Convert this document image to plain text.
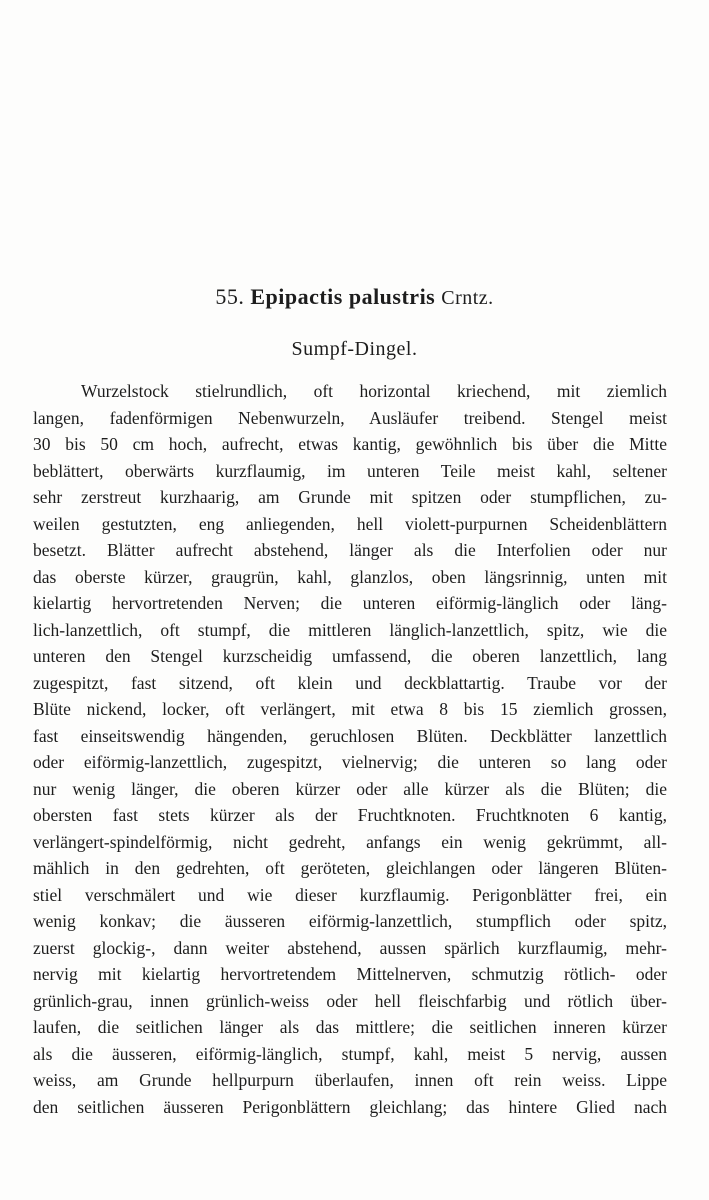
55. Epipactis palustris Crntz.
Sumpf-Dingel.
Wurzelstock stielrundlich, oft horizontal kriechend, mit ziemlich
langen, fadenförmigen Nebenwurzeln, Ausläufer treibend. Stengel meist
30 bis 50 cm hoch, aufrecht, etwas kantig, gewöhnlich bis über die Mitte
beblättert, oberwärts kurzflaumig, im unteren Teile meist kahl, seltener
sehr zerstreut kurzhaarig, am Grunde mit spitzen oder stumpflichen, zu-
weilen gestutzten, eng anliegenden, hell violett-purpurnen Scheidenblättern
besetzt. Blätter aufrecht abstehend, länger als die Interfolien oder nur
das oberste kürzer, graugrün, kahl, glanzlos, oben längsrinnig, unten mit
kielartig hervortretenden Nerven; die unteren eiförmig-länglich oder läng-
lich-lanzettlich, oft stumpf, die mittleren länglich-lanzettlich, spitz, wie die
unteren den Stengel kurzscheidig umfassend, die oberen lanzettlich, lang
zugespitzt, fast sitzend, oft klein und deckblattartig. Traube vor der
Blüte nickend, locker, oft verlängert, mit etwa 8 bis 15 ziemlich grossen,
fast einseitswendig hängenden, geruchlosen Blüten. Deckblätter lanzettlich
oder eiförmig-lanzettlich, zugespitzt, vielnervig; die unteren so lang oder
nur wenig länger, die oberen kürzer oder alle kürzer als die Blüten; die
obersten fast stets kürzer als der Fruchtknoten. Fruchtknoten 6 kantig,
verlängert-spindelförmig, nicht gedreht, anfangs ein wenig gekrümmt, all-
mählich in den gedrehten, oft geröteten, gleichlangen oder längeren Blüten-
stiel verschmälert und wie dieser kurzflaumig. Perigonblätter frei, ein
wenig konkav; die äusseren eiförmig-lanzettlich, stumpflich oder spitz,
zuerst glockig-, dann weiter abstehend, aussen spärlich kurzflaumig, mehr-
nervig mit kielartig hervortretendem Mittelnerven, schmutzig rötlich- oder
grünlich-grau, innen grünlich-weiss oder hell fleischfarbig und rötlich über-
laufen, die seitlichen länger als das mittlere; die seitlichen inneren kürzer
als die äusseren, eiförmig-länglich, stumpf, kahl, meist 5 nervig, aussen
weiss, am Grunde hellpurpurn überlaufen, innen oft rein weiss. Lippe
den seitlichen äusseren Perigonblättern gleichlang; das hintere Glied nach
